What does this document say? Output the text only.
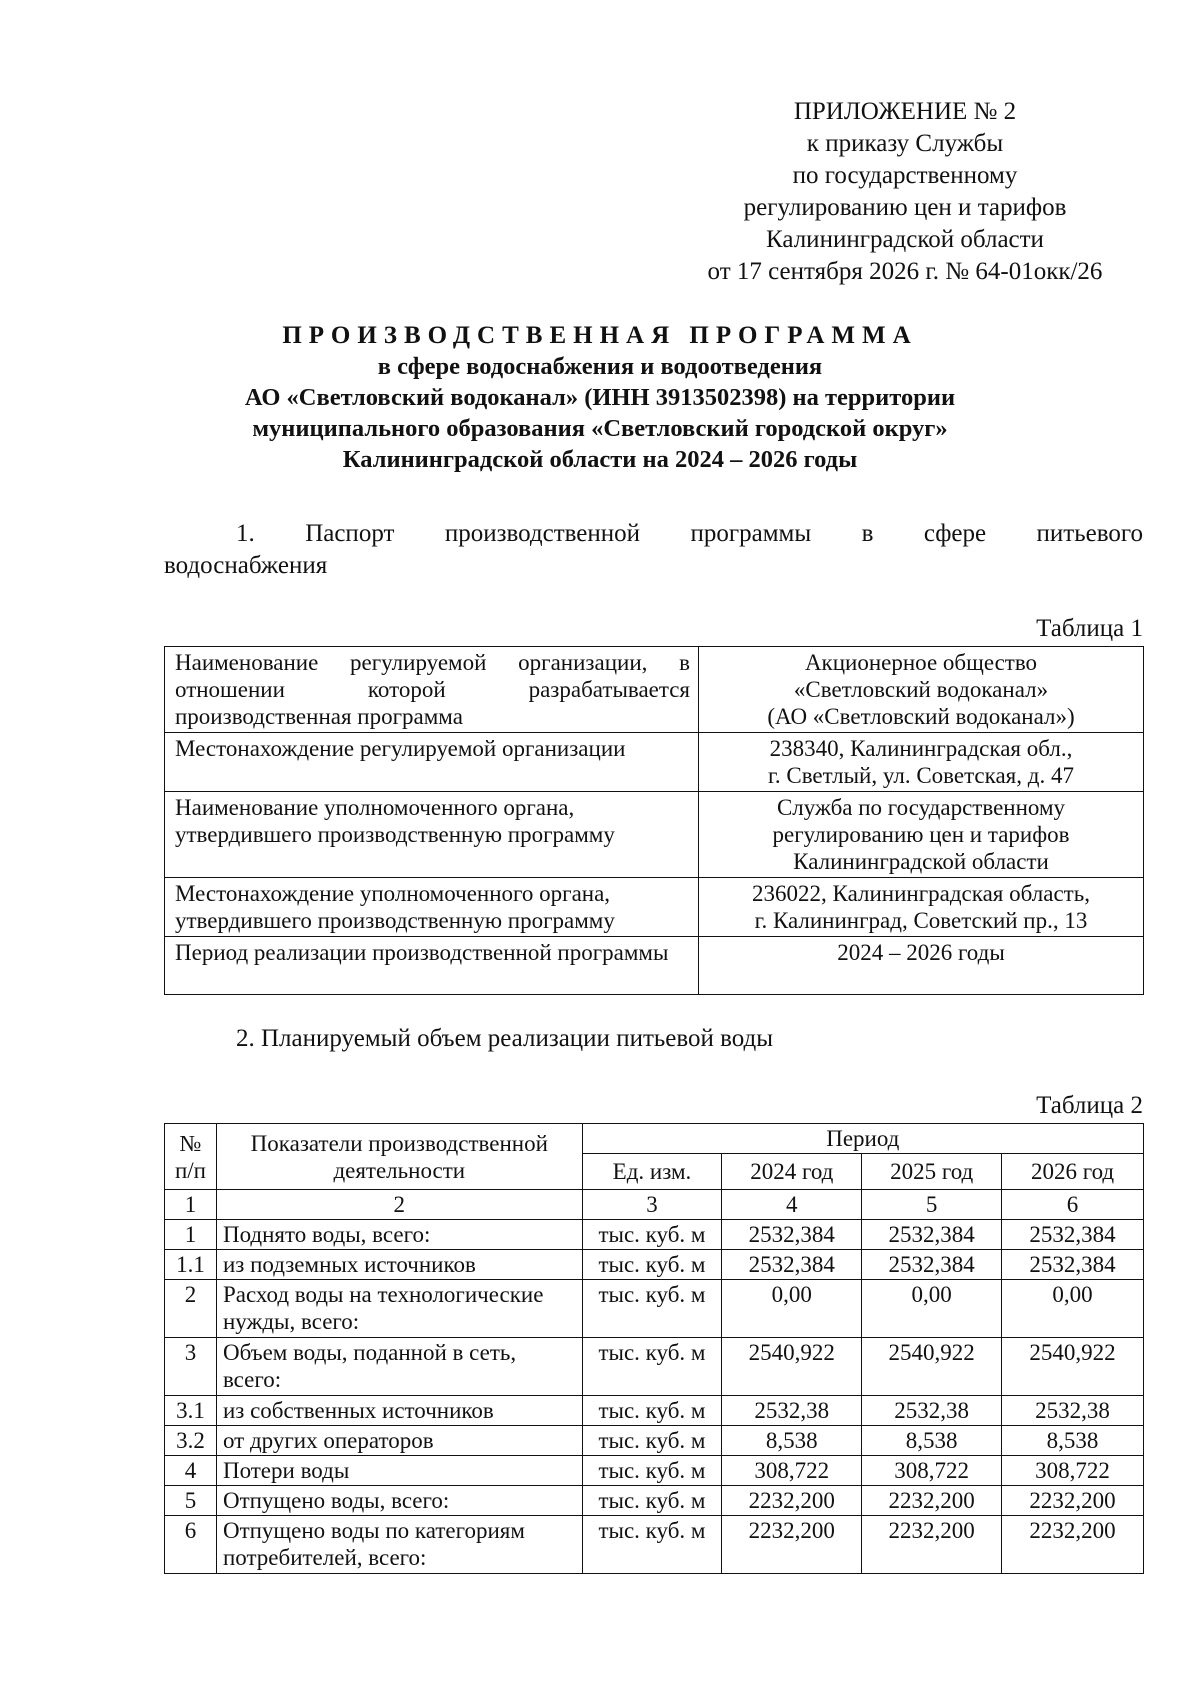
ПРИЛОЖЕНИЕ № 2
к приказу Службы
по государственному
регулированию цен и тарифов
Калининградской области
от 17 сентября 2026 г. № 64-01окк/26
ПРОИЗВОДСТВЕННАЯ ПРОГРАММА
в сфере водоснабжения и водоотведения
АО «Светловский водоканал» (ИНН 3913502398) на территории
муниципального образования «Светловский городской округ»
Калининградской области на 2024 – 2026 годы
1. Паспорт производственной программы в сфере питьевого
водоснабжения
Таблица 1
Наименование регулируемой организации, в отношении которой разрабатывается производственная программа	Акционерное общество
«Светловский водоканал»
(АО «Светловский водоканал»)

Местонахождение регулируемой организации	238340, Калининградская обл.,
г. Светлый, ул. Советская, д. 47

Наименование уполномоченного органа, утвердившего производственную программу	Служба по государственному
регулированию цен и тарифов
Калининградской области

Местонахождение уполномоченного органа, утвердившего производственную программу	236022, Калининградская область,
г. Калининград, Советский пр., 13

Период реализации производственной программы	2024 – 2026 годы
2. Планируемый объем реализации питьевой воды
Таблица 2
№ п/п	Показатели производственной деятельности	Период			
		Ед. изм.	2024 год	2025 год	2026 год
1	2	3	4	5	6
1	Поднято воды, всего:	тыс. куб. м	2532,384	2532,384	2532,384
1.1	из подземных источников	тыс. куб. м	2532,384	2532,384	2532,384
2	Расход воды на технологические нужды, всего:	тыс. куб. м	0,00	0,00	0,00
3	Объем воды, поданной в сеть, всего:	тыс. куб. м	2540,922	2540,922	2540,922
3.1	из собственных источников	тыс. куб. м	2532,38	2532,38	2532,38
3.2	от других операторов	тыс. куб. м	8,538	8,538	8,538
4	Потери воды	тыс. куб. м	308,722	308,722	308,722
5	Отпущено воды, всего:	тыс. куб. м	2232,200	2232,200	2232,200
6	Отпущено воды по категориям потребителей, всего:	тыс. куб. м	2232,200	2232,200	2232,200
